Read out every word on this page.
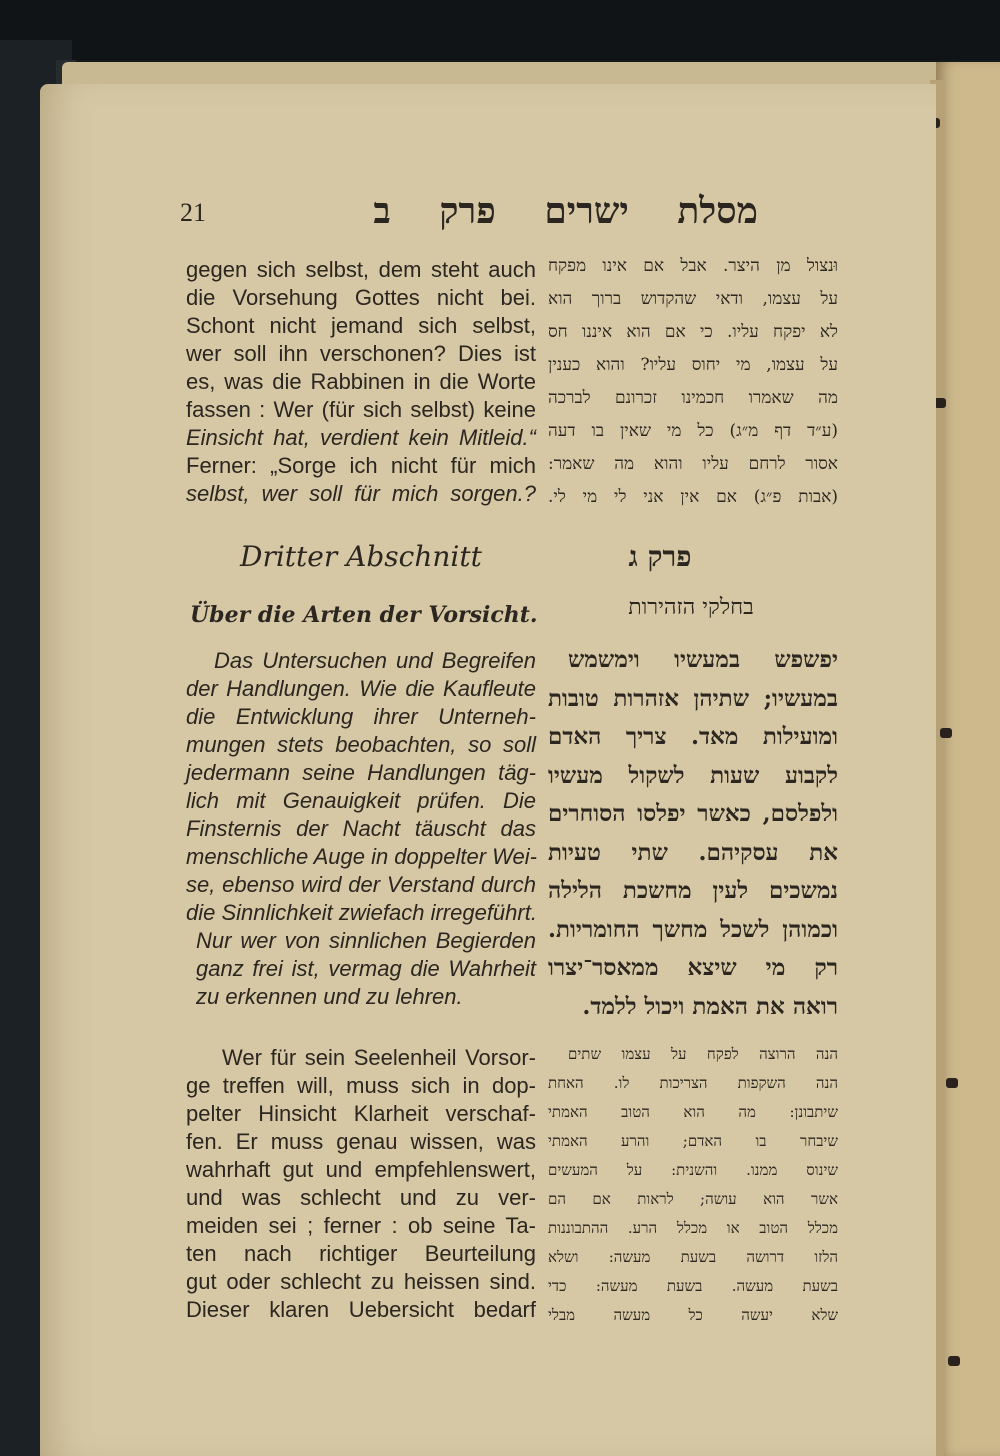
21	מסלת ישרים פרק ב
gegen sich selbst, dem steht auch
die Vorsehung Gottes nicht bei.
Schont nicht jemand sich selbst,
wer soll ihn verschonen? Dies ist
es, was die Rabbinen in die Worte
fassen : Wer (für sich selbst) keine
Einsicht hat, verdient kein Mitleid.“
Ferner: „Sorge ich nicht für mich
selbst, wer soll für mich sorgen.?
Dritter Abschnitt
Über die Arten der Vorsicht.
Das Untersuchen und Begreifen
der Handlungen. Wie die Kaufleute
die Entwicklung ihrer Unterneh-
mungen stets beobachten, so soll
jedermann seine Handlungen täg-
lich mit Genauigkeit prüfen. Die
Finsternis der Nacht täuscht das
menschliche Auge in doppelter Wei-
se, ebenso wird der Verstand durch
die Sinnlichkeit zwiefach irregeführt.
Nur wer von sinnlichen Begierden
ganz frei ist, vermag die Wahrheit
zu erkennen und zu lehren.
Wer für sein Seelenheil Vorsor-
ge treffen will, muss sich in dop-
pelter Hinsicht Klarheit verschaf-
fen. Er muss genau wissen, was
wahrhaft gut und empfehlenswert,
und was schlecht und zu ver-
meiden sei ; ferner : ob seine Ta-
ten nach richtiger Beurteilung
gut oder schlecht zu heissen sind.
Dieser klaren Uebersicht bedarf
וּנצול מן היצר. אבל אם אינו מפקח
על עצמו, ודאי שהקדוש ברוך הוא
לא יפקח עליו. כי אם הוא איננו חס
על עצמו, מי יחוס עליו? והוא כענין
מה שאמרו חכמינו זכרונם לברכה
(ע״ד דף מ״ג) כל מי שאין בו דעה
אסור לרחם עליו והוא מה שאמר:
(אבות פ״ג) אם אין אני לי מי לי.
פרק ג
בחלקי הזהירות
יפשפש במעשיו וימשמש
במעשיו; שתיהן אזהרות טובות
ומועילות מאד. צריך האדם
לקבוע שעות לשקול מעשיו
ולפלסם, כאשר יפלסו הסוחרים
את עסקיהם. שתי טעיות
נמשכים לעין מחשכת הלילה
וכמוהן לשכל מחשך החומריות.
רק מי שיצא ממאסר־יצרו
רואה את האמת ויכול ללמד.
הנה הרוצה לפקח על עצמו שתים
הנה השקפות הצריכות לו. האחת
שיתבונן: מה הוא הטוב האמתי
שיבחר בו האדם; והרע האמתי
שינוס ממנו. והשנית: על המעשים
אשר הוא עושה; לראות אם הם
מכלל הטוב או מכלל הרע. ההתבוננות
הלזו דרושה בשעת מעשה: ושלא
בשעת מעשה. בשעת מעשה: כדי
שלא יעשה כל מעשה מבלי
